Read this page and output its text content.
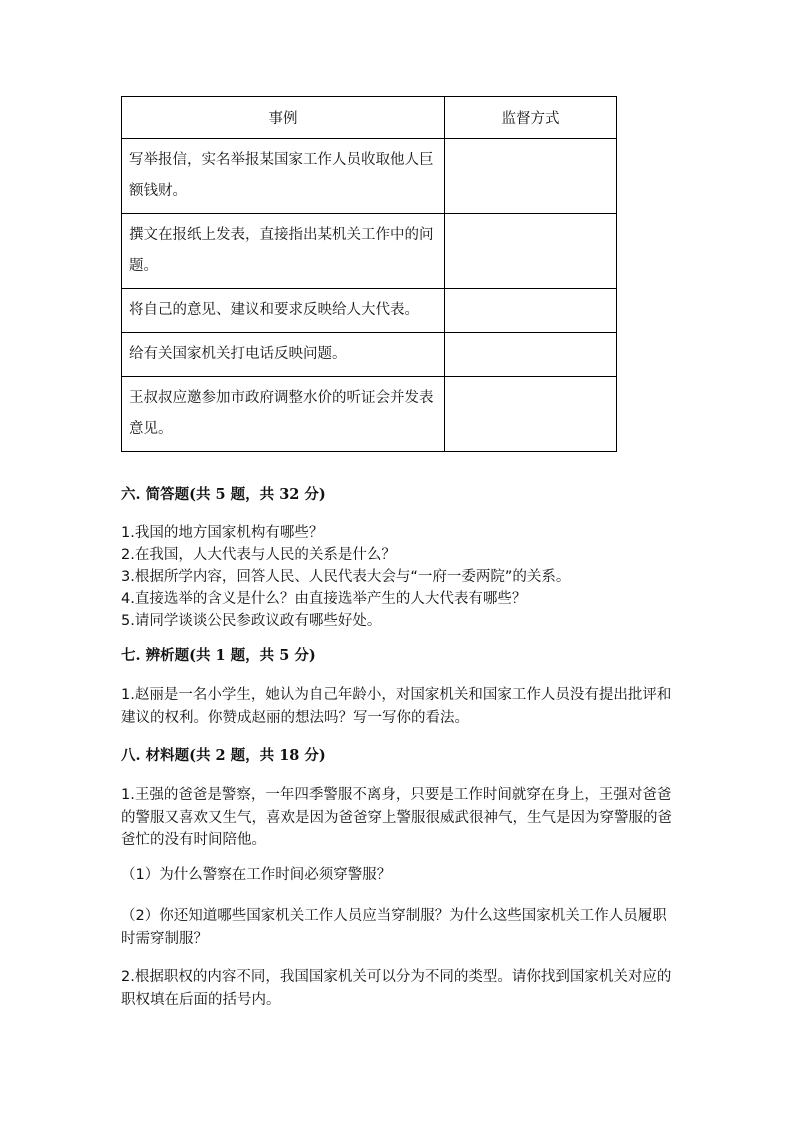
事例	监督方式
写举报信，实名举报某国家工作人员收取他人巨额钱财。	
撰文在报纸上发表，直接指出某机关工作中的问题。	
将自己的意见、建议和要求反映给人大代表。	
给有关国家机关打电话反映问题。	
王叔叔应邀参加市政府调整水价的听证会并发表意见。	

六. 简答题(共 5 题，共 32 分)

1.我国的地方国家机构有哪些？

2.在我国，人大代表与人民的关系是什么？

3.根据所学内容，回答人民、人民代表大会与“一府一委两院”的关系。

4.直接选举的含义是什么？由直接选举产生的人大代表有哪些？

5.请同学谈谈公民参政议政有哪些好处。

七. 辨析题(共 1 题，共 5 分)

1.赵丽是一名小学生，她认为自己年龄小，对国家机关和国家工作人员没有提出批评和建议的权利。你赞成赵丽的想法吗？写一写你的看法。

八. 材料题(共 2 题，共 18 分)

1.王强的爸爸是警察，一年四季警服不离身，只要是工作时间就穿在身上，王强对爸爸的警服又喜欢又生气，喜欢是因为爸爸穿上警服很威武很神气，生气是因为穿警服的爸爸忙的没有时间陪他。

（1）为什么警察在工作时间必须穿警服？

（2）你还知道哪些国家机关工作人员应当穿制服？为什么这些国家机关工作人员履职时需穿制服？

2.根据职权的内容不同，我国国家机关可以分为不同的类型。请你找到国家机关对应的职权填在后面的括号内。
